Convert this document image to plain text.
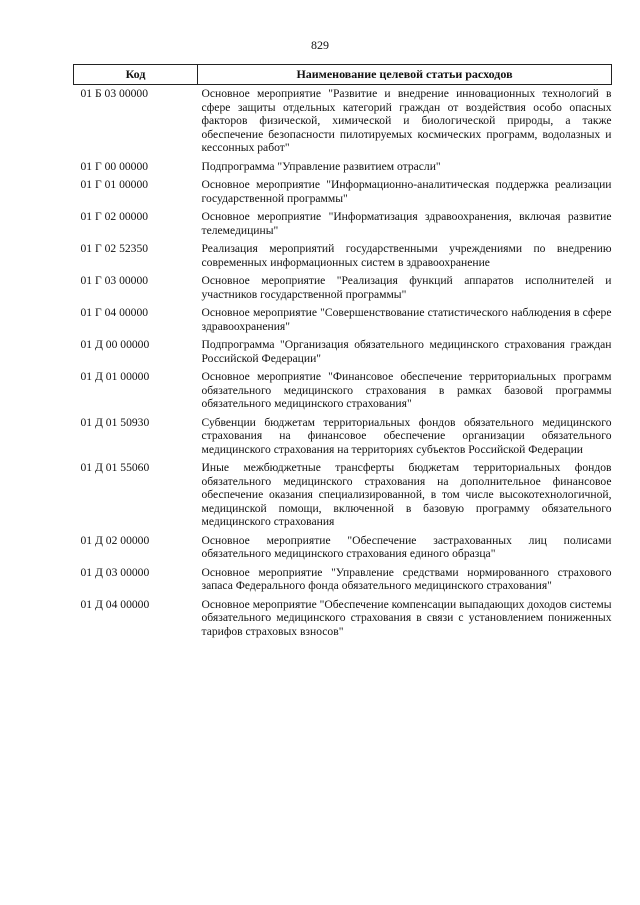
829
Код	Наименование целевой статьи расходов
01 Б 03 00000	Основное мероприятие "Развитие и внедрение инновационных технологий в сфере защиты отдельных категорий граждан от воздействия особо опасных факторов физической, химической и биологической природы, а также обеспечение безопасности пилотируемых космических программ, водолазных и кессонных работ"
01 Г 00 00000	Подпрограмма "Управление развитием отрасли"
01 Г 01 00000	Основное мероприятие "Информационно-аналитическая поддержка реализации государственной программы"
01 Г 02 00000	Основное мероприятие "Информатизация здравоохранения, включая развитие телемедицины"
01 Г 02 52350	Реализация мероприятий государственными учреждениями по внедрению современных информационных систем в здравоохранение
01 Г 03 00000	Основное мероприятие "Реализация функций аппаратов исполнителей и участников государственной программы"
01 Г 04 00000	Основное мероприятие "Совершенствование статистического наблюдения в сфере здравоохранения"
01 Д 00 00000	Подпрограмма "Организация обязательного медицинского страхования граждан Российской Федерации"
01 Д 01 00000	Основное мероприятие "Финансовое обеспечение территориальных программ обязательного медицинского страхования в рамках базовой программы обязательного медицинского страхования"
01 Д 01 50930	Субвенции бюджетам территориальных фондов обязательного медицинского страхования на финансовое обеспечение организации обязательного медицинского страхования на территориях субъектов Российской Федерации
01 Д 01 55060	Иные межбюджетные трансферты бюджетам территориальных фондов обязательного медицинского страхования на дополнительное финансовое обеспечение оказания специализированной, в том числе высокотехнологичной, медицинской помощи, включенной в базовую программу обязательного медицинского страхования
01 Д 02 00000	Основное мероприятие "Обеспечение застрахованных лиц полисами обязательного медицинского страхования единого образца"
01 Д 03 00000	Основное мероприятие "Управление средствами нормированного страхового запаса Федерального фонда обязательного медицинского страхования"
01 Д 04 00000	Основное мероприятие "Обеспечение компенсации выпадающих доходов системы обязательного медицинского страхования в связи с установлением пониженных тарифов страховых взносов"
